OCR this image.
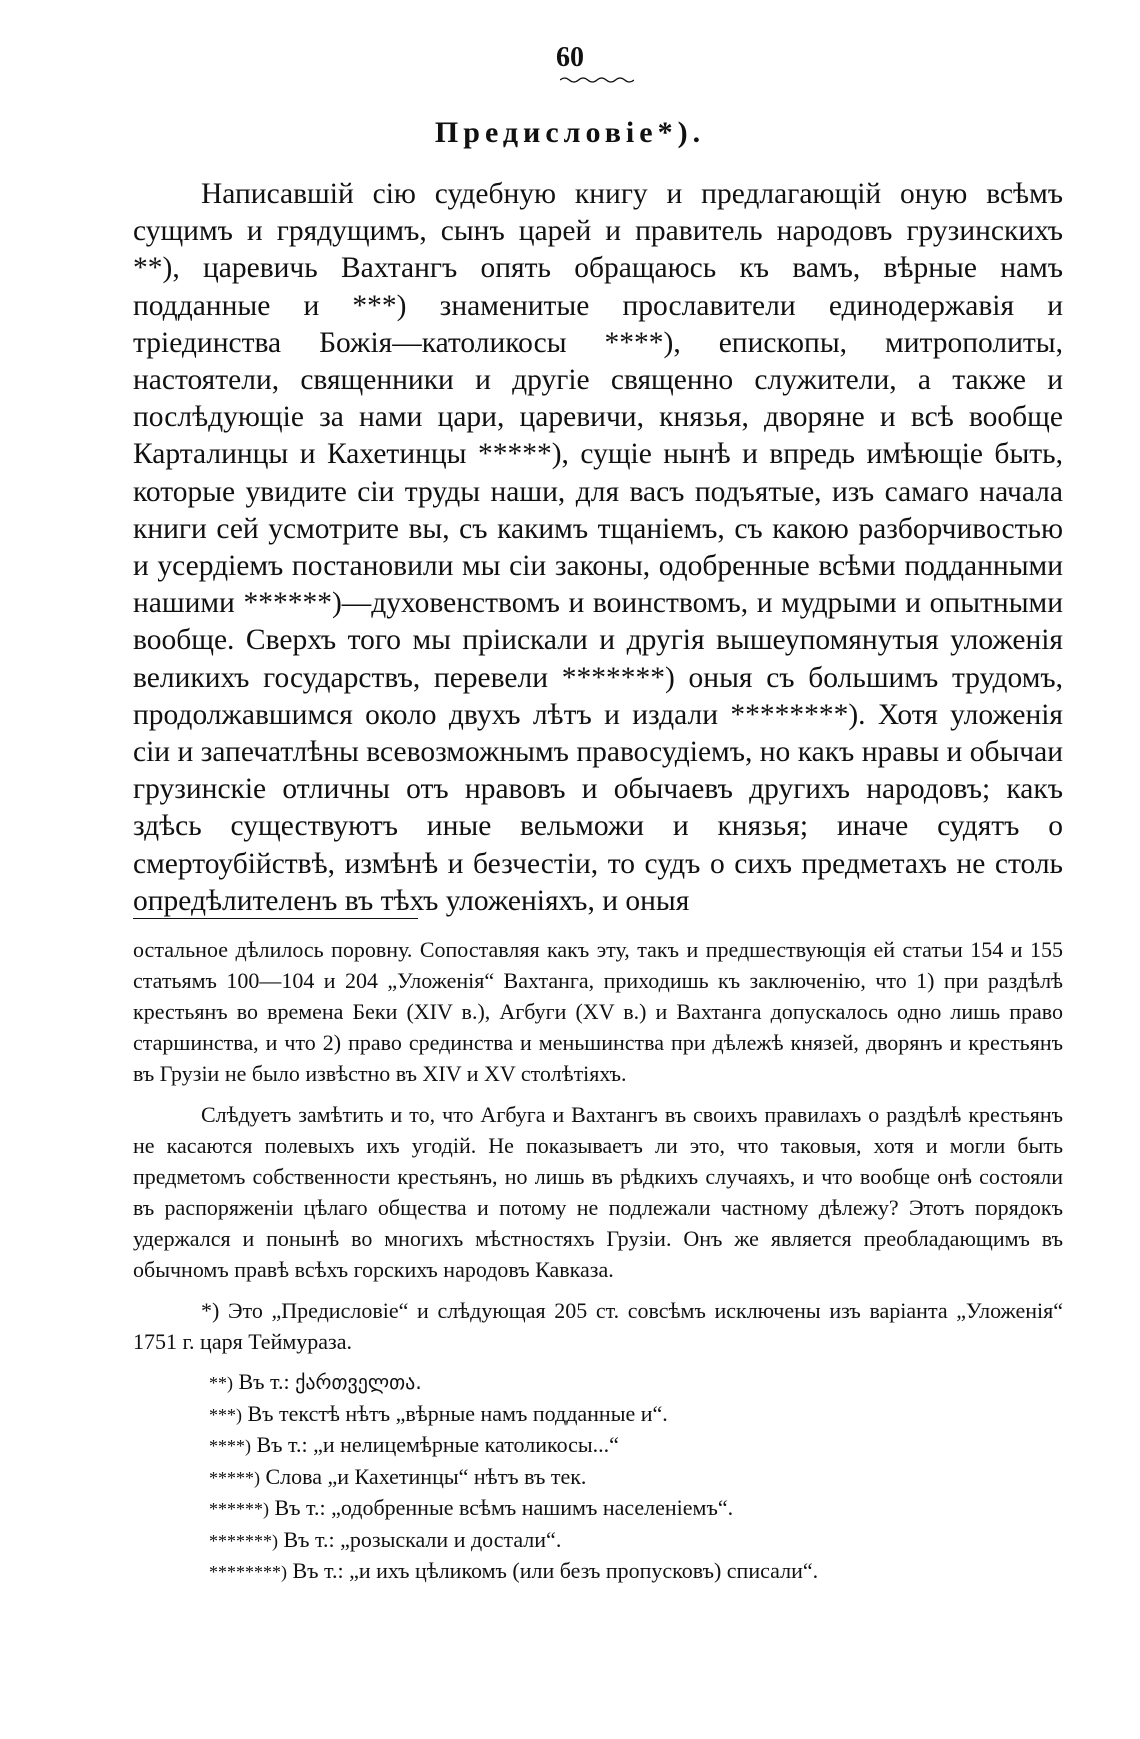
60
Предисловіе*).

Написавшій сію судебную книгу и предлагающій оную всѣмъ сущимъ и грядущимъ, сынъ царей и правитель народовъ грузинскихъ **), царевичь Вахтангъ опять обращаюсь къ вамъ, вѣрные намъ подданные и ***) знаменитые прославители единодержавія и тріединства Божія—католикосы ****), епископы, митрополиты, настоятели, священники и другіе священно служители, а также и послѣдующіе за нами цари, царевичи, князья, дворяне и всѣ вообще Карталинцы и Кахетинцы *****), сущіе нынѣ и впредь имѣющіе быть, которые увидите сіи труды наши, для васъ подъятые, изъ самаго начала книги сей усмотрите вы, съ какимъ тщаніемъ, съ какою разборчивостью и усердіемъ постановили мы сіи законы, одобренные всѣми подданными нашими ******)—духовенствомъ и воинствомъ, и мудрыми и опытными вообще. Сверхъ того мы пріискали и другія вышеупомянутыя уложенія великихъ государствъ, перевели *******) оныя съ большимъ трудомъ, продолжавшимся около двухъ лѣтъ и издали ********). Хотя уложенія сіи и запечатлѣны всевозможнымъ правосудіемъ, но какъ нравы и обычаи грузинскіе отличны отъ нравовъ и обычаевъ другихъ народовъ; какъ здѣсь существуютъ иные вельможи и князья; иначе судятъ о смертоубійствѣ, измѣнѣ и безчестіи, то судъ о сихъ предметахъ не столь опредѣлителенъ въ тѣхъ уложеніяхъ, и оныя

остальное дѣлилось поровну. Сопоставляя какъ эту, такъ и предшествующія ей статьи 154 и 155 статьямъ 100—104 и 204 „Уложенія“ Вахтанга, приходишь къ заключенію, что 1) при раздѣлѣ крестьянъ во времена Беки (XIV в.), Агбуги (XV в.) и Вахтанга допускалось одно лишь право старшинства, и что 2) право срединства и меньшинства при дѣлежѣ князей, дворянъ и крестьянъ въ Грузіи не было извѣстно въ XIV и XV столѣтіяхъ.

Слѣдуетъ замѣтить и то, что Агбуга и Вахтангъ въ своихъ правилахъ о раздѣлѣ крестьянъ не касаются полевыхъ ихъ угодій. Не показываетъ ли это, что таковыя, хотя и могли быть предметомъ собственности крестьянъ, но лишь въ рѣдкихъ случаяхъ, и что вообще онѣ состояли въ распоряженіи цѣлаго общества и потому не подлежали частному дѣлежу? Этотъ порядокъ удержался и понынѣ во многихъ мѣстностяхъ Грузіи. Онъ же является преобладающимъ въ обычномъ правѣ всѣхъ горскихъ народовъ Кавказа.

*) Это „Предисловіе“ и слѣдующая 205 ст. совсѣмъ исключены изъ варіанта „Уложенія“ 1751 г. царя Теймураза.

**) Въ т.: ქართველთა.
***) Въ текстѣ нѣтъ „вѣрные намъ подданные и“.
****) Въ т.: „и нелицемѣрные католикосы...“
*****) Слова „и Кахетинцы“ нѣтъ въ тек.
******) Въ т.: „одобренные всѣмъ нашимъ населеніемъ“.
*******) Въ т.: „розыскали и достали“.
********) Въ т.: „и ихъ цѣликомъ (или безъ пропусковъ) списали“.
